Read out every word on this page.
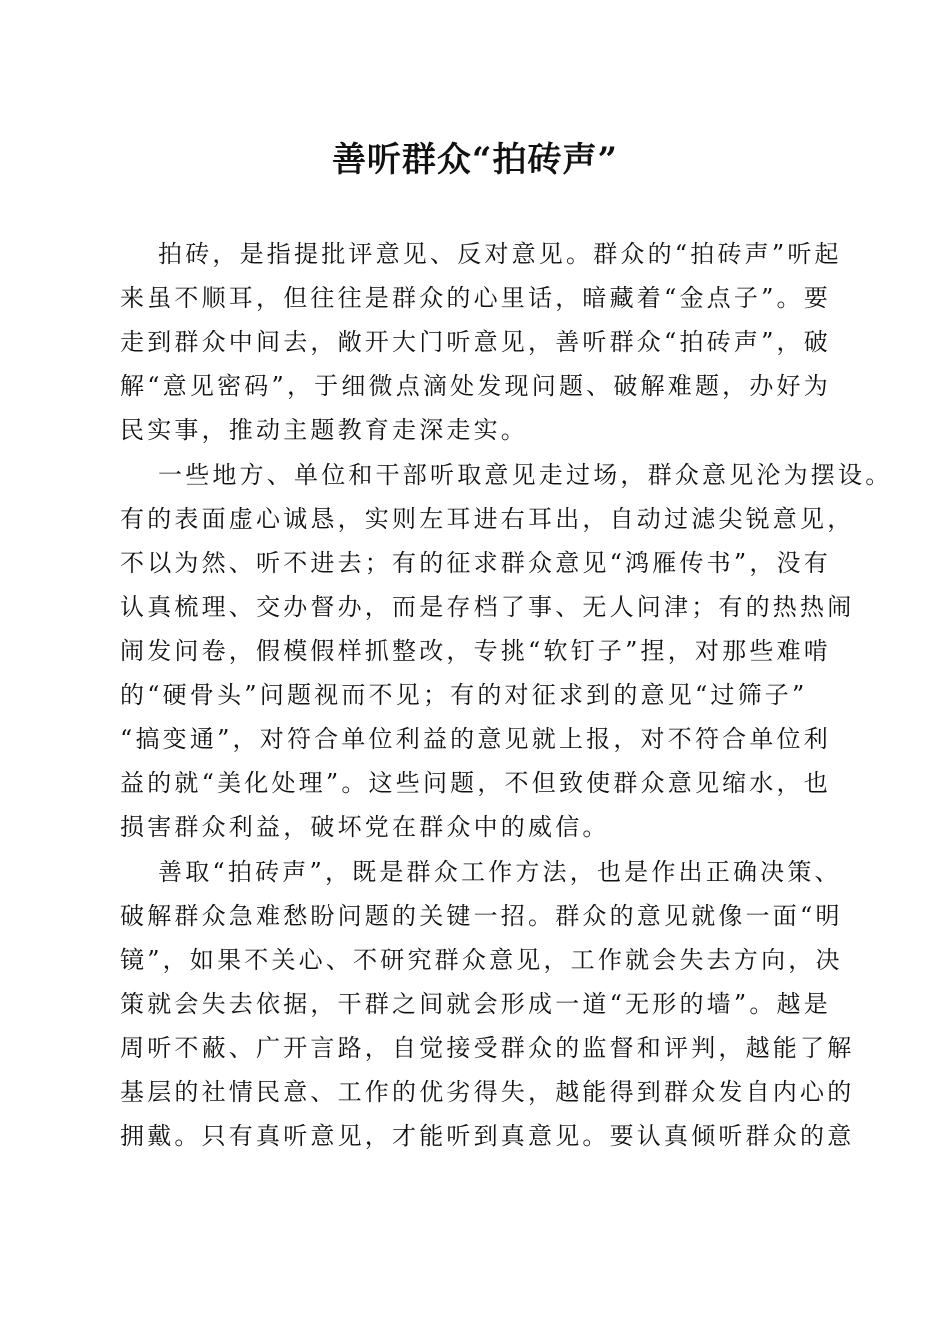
善听群众“拍砖声”
拍砖，是指提批评意见、反对意见。群众的“拍砖声”听起
来虽不顺耳，但往往是群众的心里话，暗藏着“金点子”。要
走到群众中间去，敞开大门听意见，善听群众“拍砖声”，破
解“意见密码”，于细微点滴处发现问题、破解难题，办好为
民实事，推动主题教育走深走实。
一些地方、单位和干部听取意见走过场，群众意见沦为摆设。
有的表面虚心诚恳，实则左耳进右耳出，自动过滤尖锐意见，
不以为然、听不进去；有的征求群众意见“鸿雁传书”，没有
认真梳理、交办督办，而是存档了事、无人问津；有的热热闹
闹发问卷，假模假样抓整改，专挑“软钉子”捏，对那些难啃
的“硬骨头”问题视而不见；有的对征求到的意见“过筛子”
“搞变通”，对符合单位利益的意见就上报，对不符合单位利
益的就“美化处理”。这些问题，不但致使群众意见缩水，也
损害群众利益，破坏党在群众中的威信。
善取“拍砖声”，既是群众工作方法，也是作出正确决策、
破解群众急难愁盼问题的关键一招。群众的意见就像一面“明
镜”，如果不关心、不研究群众意见，工作就会失去方向，决
策就会失去依据，干群之间就会形成一道“无形的墙”。越是
周听不蔽、广开言路，自觉接受群众的监督和评判，越能了解
基层的社情民意、工作的优劣得失，越能得到群众发自内心的
拥戴。只有真听意见，才能听到真意见。要认真倾听群众的意
